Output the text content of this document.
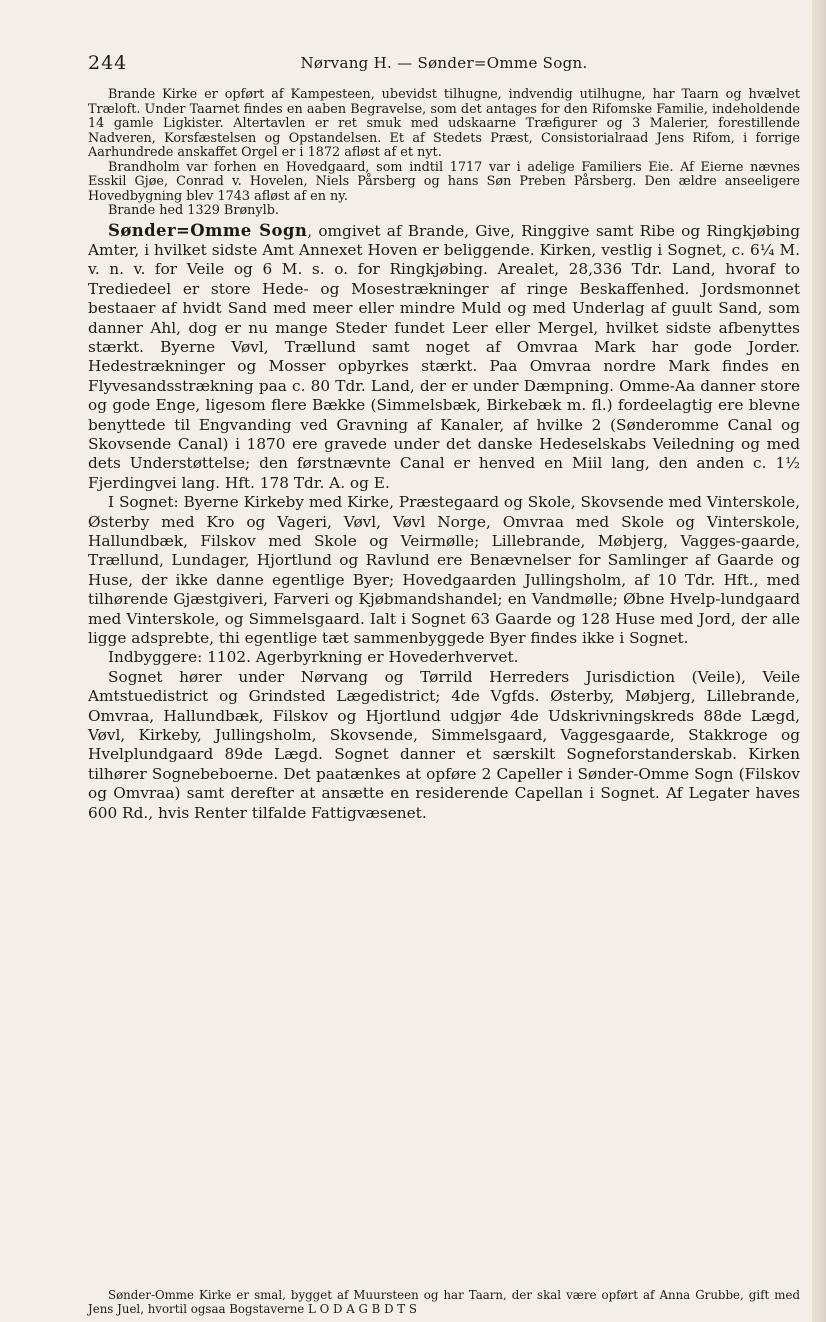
244	Nørvang H. — Sønder=Omme Sogn.

Brande Kirke er opført af Kampesteen, ubevidst tilhugne, indvendig utilhugne, har Taarn og hvælvet Træloft. Under Taarnet findes en aaben Begravelse, som det antages for den Rifomske Familie, indeholdende 14 gamle Ligkister. Altertavlen er ret smuk med udskaarne Træfigurer og 3 Malerier, forestillende Nadveren, Korsfæstelsen og Opstandelsen. Et af Stedets Præst, Consistorialraad Jens Rifom, i forrige Aarhundrede anskaffet Orgel er i 1872 afløst af et nyt.

Brandholm var forhen en Hovedgaard, som indtil 1717 var i adelige Familiers Eie. Af Eierne nævnes Esskil Gjøe, Conrad v. Hovelen, Niels Pårsberg og hans Søn Preben Pårsberg. Den ældre anseeligere Hovedbygning blev 1743 afløst af en ny.

Brande hed 1329 Brønylb.

Sønder=Omme Sogn, omgivet af Brande, Give, Ringgive samt Ribe og Ringkjøbing Amter, i hvilket sidste Amt Annexet Hoven er beliggende. Kirken, vestlig i Sognet, c. 6¼ M. v. n. v. for Veile og 6 M. s. o. for Ringkjøbing. Arealet, 28,336 Tdr. Land, hvoraf to Trediedeel er store Hede- og Mosestrækninger af ringe Beskaffenhed. Jordsmonnet bestaaer af hvidt Sand med meer eller mindre Muld og med Underlag af guult Sand, som danner Ahl, dog er nu mange Steder fundet Leer eller Mergel, hvilket sidste afbenyttes stærkt. Byerne Vøvl, Trællund samt noget af Omvraa Mark har gode Jorder. Hedestrækninger og Mosser opbyrkes stærkt. Paa Omvraa nordre Mark findes en Flyvesandsstrækning paa c. 80 Tdr. Land, der er under Dæmpning. Omme-Aa danner store og gode Enge, ligesom flere Bække (Simmelsbæk, Birkebæk m. fl.) fordeelagtig ere blevne benyttede til Engvanding ved Gravning af Kanaler, af hvilke 2 (Sønderomme Canal og Skovsende Canal) i 1870 ere gravede under det danske Hedeselskabs Veiledning og med dets Understøttelse; den førstnævnte Canal er henved en Miil lang, den anden c. 1½ Fjerdingvei lang. Hft. 178 Tdr. A. og E.

I Sognet: Byerne Kirkeby med Kirke, Præstegaard og Skole, Skovsende med Vinterskole, Østerby med Kro og Vageri, Vøvl, Vøvl Norge, Omvraa med Skole og Vinterskole, Hallundbæk, Filskov med Skole og Veirmølle; Lillebrande, Møbjerg, Vagges-gaarde, Trællund, Lundager, Hjortlund og Ravlund ere Benævnelser for Samlinger af Gaarde og Huse, der ikke danne egentlige Byer; Hovedgaarden Jullingsholm, af 10 Tdr. Hft., med tilhørende Gjæstgiveri, Farveri og Kjøbmandshandel; en Vandmølle; Øbne Hvelp-lundgaard med Vinterskole, og Simmelsgaard. Ialt i Sognet 63 Gaarde og 128 Huse med Jord, der alle ligge adsprebte, thi egentlige tæt sammenbyggede Byer findes ikke i Sognet.

Indbyggere: 1102. Agerbyrkning er Hovederhvervet.

Sognet hører under Nørvang og Tørrild Herreders Jurisdiction (Veile), Veile Amtstuedistrict og Grindsted Lægedistrict; 4de Vgfds. Østerby, Møbjerg, Lillebrande, Omvraa, Hallundbæk, Filskov og Hjortlund udgjør 4de Udskrivningskreds 88de Lægd, Vøvl, Kirkeby, Jullingsholm, Skovsende, Simmelsgaard, Vaggesgaarde, Stakkroge og Hvelplundgaard 89de Lægd. Sognet danner et særskilt Sogneforstanderskab. Kirken tilhører Sognebeboerne. Det paatænkes at opføre 2 Capeller i Sønder-Omme Sogn (Filskov og Omvraa) samt derefter at ansætte en residerende Capellan i Sognet. Af Legater haves 600 Rd., hvis Renter tilfalde Fattigvæsenet.

Sønder-Omme Kirke er smal, bygget af Muursteen og har Taarn, der skal være opført af Anna Grubbe, gift med Jens Juel, hvortil ogsaa Bogstaverne L O D A G B D T S
